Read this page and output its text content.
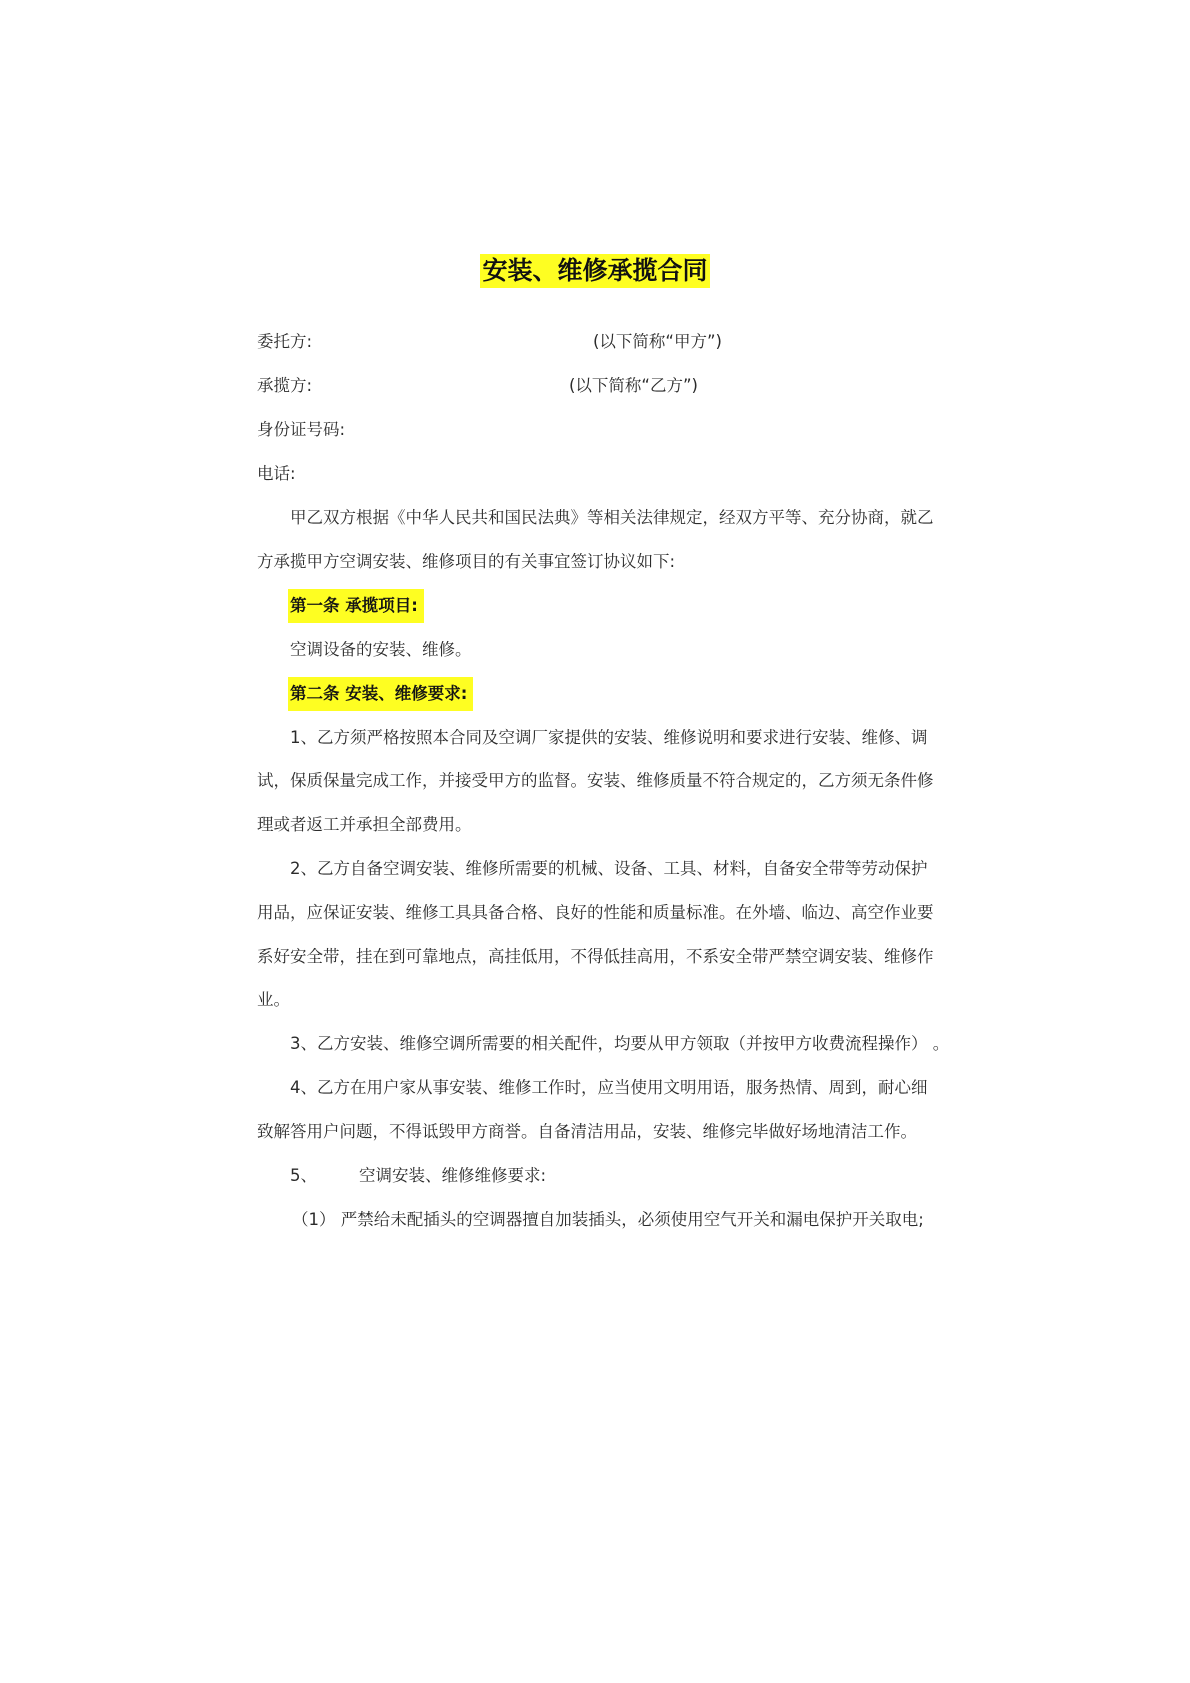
安装、维修承揽合同
委托方:	(以下简称“甲方”)
承揽方:	(以下简称“乙方”)
身份证号码:
电话:
甲乙双方根据《中华人民共和国民法典》等相关法律规定，经双方平等、充分协商，就乙
方承揽甲方空调安装、维修项目的有关事宜签订协议如下:
第一条 承揽项目:
空调设备的安装、维修。
第二条 安装、维修要求:
1、乙方须严格按照本合同及空调厂家提供的安装、维修说明和要求进行安装、维修、调
试，保质保量完成工作，并接受甲方的监督。安装、维修质量不符合规定的，乙方须无条件修
理或者返工并承担全部费用。
2、乙方自备空调安装、维修所需要的机械、设备、工具、材料，自备安全带等劳动保护
用品，应保证安装、维修工具具备合格、良好的性能和质量标准。在外墙、临边、高空作业要
系好安全带，挂在到可靠地点，高挂低用，不得低挂高用，不系安全带严禁空调安装、维修作
业。
3、乙方安装、维修空调所需要的相关配件，均要从甲方领取（并按甲方收费流程操作） 。
4、乙方在用户家从事安装、维修工作时，应当使用文明用语，服务热情、周到，耐心细
致解答用户问题，不得诋毁甲方商誉。自备清洁用品，安装、维修完毕做好场地清洁工作。
5、	空调安装、维修维修要求:
（1） 严禁给未配插头的空调器擅自加装插头，必须使用空气开关和漏电保护开关取电;
